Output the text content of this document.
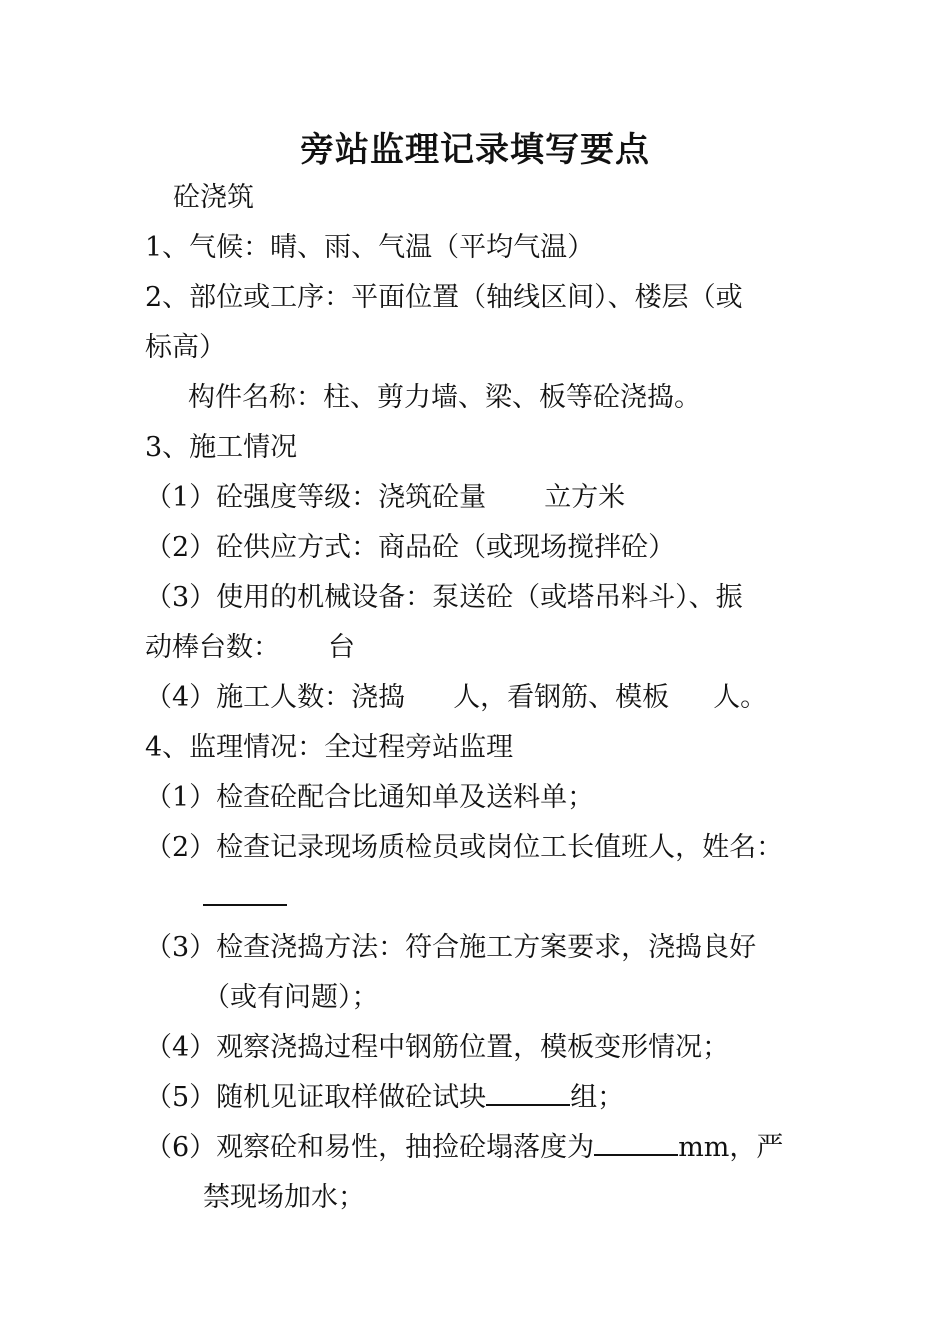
旁站监理记录填写要点
砼浇筑
1、气候：晴、雨、气温（平均气温）
2、部位或工序：平面位置（轴线区间）、楼层（或
标高）
构件名称：柱、剪力墙、梁、板等砼浇捣。
3、施工情况
（1）砼强度等级：浇筑砼量 立方米
（2）砼供应方式：商品砼（或现场搅拌砼）
（3）使用的机械设备：泵送砼（或塔吊料斗）、振
动棒台数： 台
（4）施工人数：浇捣 人，看钢筋、模板 人。
4、监理情况：全过程旁站监理
（1）检查砼配合比通知单及送料单；
（2）检查记录现场质检员或岗位工长值班人，姓名：
（3）检查浇捣方法：符合施工方案要求，浇捣良好
（或有问题）；
（4）观察浇捣过程中钢筋位置，模板变形情况；
（5）随机见证取样做砼试块	组；
（6）观察砼和易性，抽捡砼塌落度为	mm，严
禁现场加水；
